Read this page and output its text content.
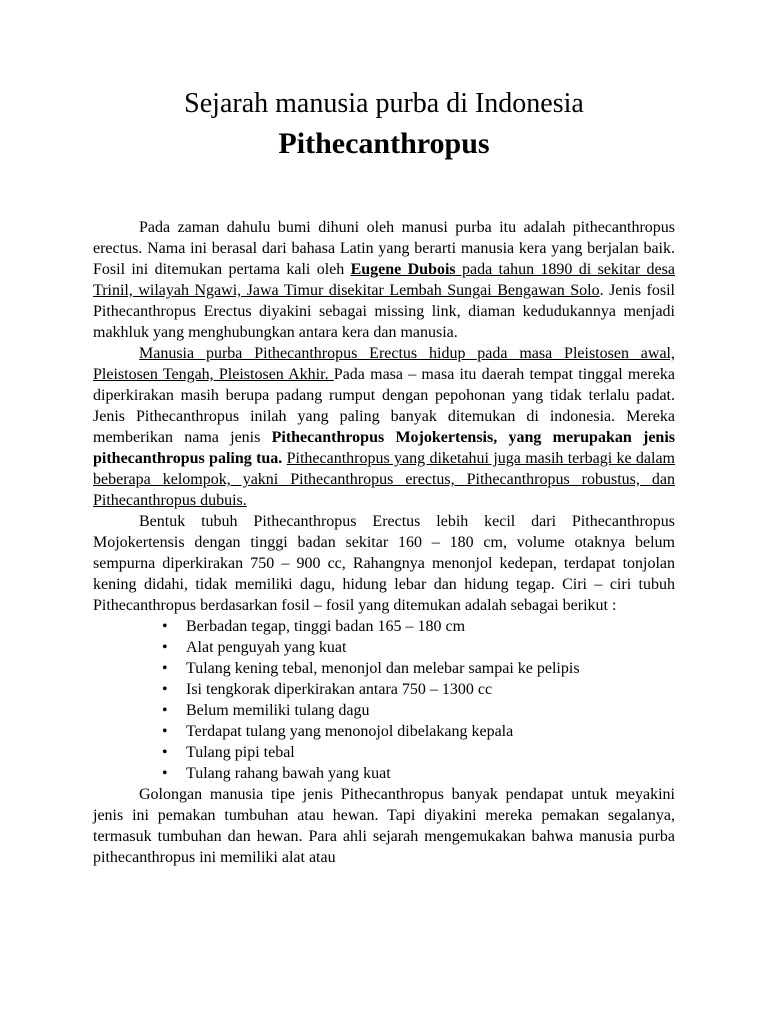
Sejarah manusia purba di Indonesia
Pithecanthropus

Pada zaman dahulu bumi dihuni oleh manusi purba itu adalah pithecanthropus erectus. Nama ini berasal dari bahasa Latin yang berarti manusia kera yang berjalan baik. Fosil ini ditemukan pertama kali oleh Eugene Dubois pada tahun 1890 di sekitar desa Trinil, wilayah Ngawi, Jawa Timur disekitar Lembah Sungai Bengawan Solo. Jenis fosil Pithecanthropus Erectus diyakini sebagai missing link, diaman kedudukannya menjadi makhluk yang menghubungkan antara kera dan manusia.

Manusia purba Pithecanthropus Erectus hidup pada masa Pleistosen awal, Pleistosen Tengah, Pleistosen Akhir. Pada masa – masa itu daerah tempat tinggal mereka diperkirakan masih berupa padang rumput dengan pepohonan yang tidak terlalu padat. Jenis Pithecanthropus inilah yang paling banyak ditemukan di indonesia. Mereka memberikan nama jenis Pithecanthropus Mojokertensis, yang merupakan jenis pithecanthropus paling tua. Pithecanthropus yang diketahui juga masih terbagi ke dalam beberapa kelompok, yakni Pithecanthropus erectus, Pithecanthropus robustus, dan Pithecanthropus dubuis.

Bentuk tubuh Pithecanthropus Erectus lebih kecil dari Pithecanthropus Mojokertensis dengan tinggi badan sekitar 160 – 180 cm, volume otaknya belum sempurna diperkirakan 750 – 900 cc, Rahangnya menonjol kedepan, terdapat tonjolan kening didahi, tidak memiliki dagu, hidung lebar dan hidung tegap. Ciri – ciri tubuh Pithecanthropus berdasarkan fosil – fosil yang ditemukan adalah sebagai berikut :

• Berbadan tegap, tinggi badan 165 – 180 cm
• Alat penguyah yang kuat
• Tulang kening tebal, menonjol dan melebar sampai ke pelipis
• Isi tengkorak diperkirakan antara 750 – 1300 cc
• Belum memiliki tulang dagu
• Terdapat tulang yang menonojol dibelakang kepala
• Tulang pipi tebal
• Tulang rahang bawah yang kuat

Golongan manusia tipe jenis Pithecanthropus banyak pendapat untuk meyakini jenis ini pemakan tumbuhan atau hewan. Tapi diyakini mereka pemakan segalanya, termasuk tumbuhan dan hewan. Para ahli sejarah mengemukakan bahwa manusia purba pithecanthropus ini memiliki alat atau
